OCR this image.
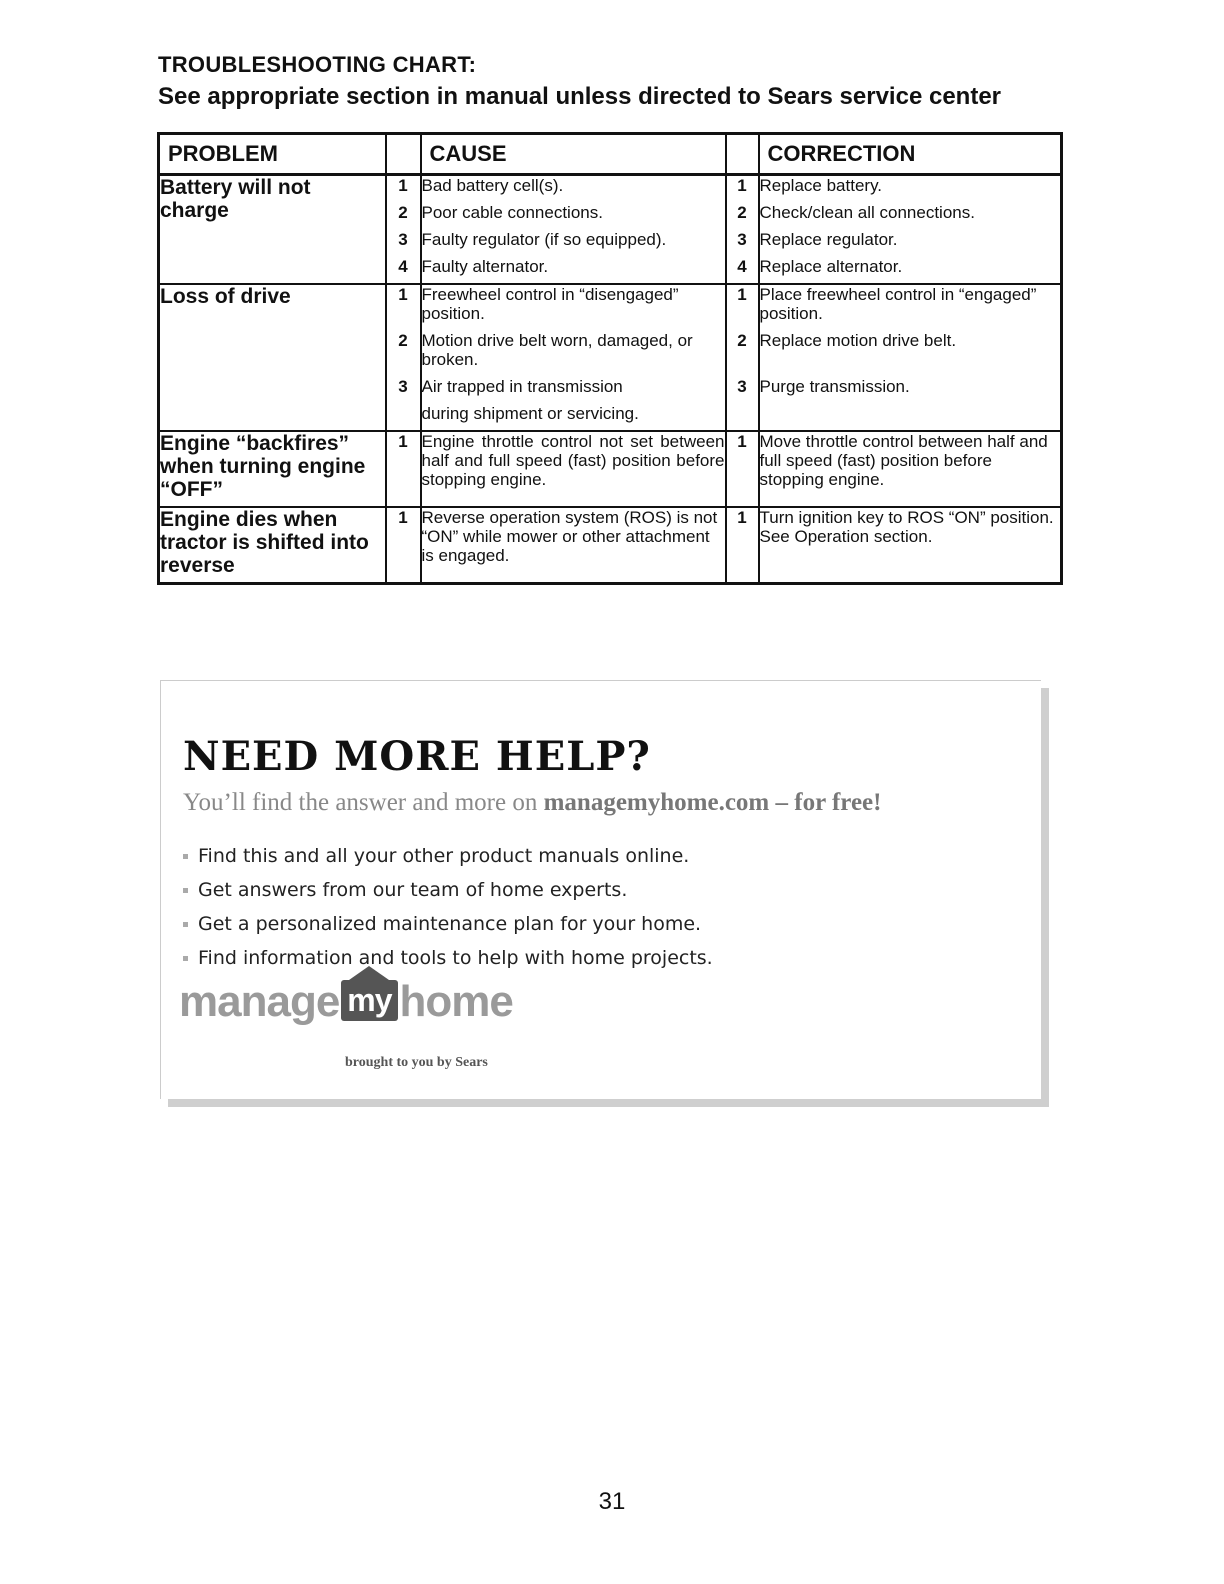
TROUBLESHOOTING CHART:
See appropriate section in manual unless directed to Sears service center
PROBLEM		CAUSE		CORRECTION
Battery will not charge	1	Bad battery cell(s).	1	Replace battery.
	2	Poor cable connections.	2	Check/clean all connections.
	3	Faulty regulator (if so equipped).	3	Replace regulator.
	4	Faulty alternator.	4	Replace alternator.
Loss of drive	1	Freewheel control in “disengaged” position.	1	Place freewheel control in “engaged” position.
	2	Motion drive belt worn, damaged, or broken.	2	Replace motion drive belt.
	3	Air trapped in transmission	3	Purge transmission.
		during shipment or servicing.		
Engine “backfires” when turning engine “OFF”	1	Engine throttle control not set between half and full speed (fast) position before stopping engine.	1	Move throttle control between half and full speed (fast) position before stopping engine.
Engine dies when tractor is shifted into reverse	1	Reverse operation system (ROS) is not “ON” while mower or other attachment is engaged.	1	Turn ignition key to ROS “ON” position. See Operation section.
NEED MORE HELP?
You’ll find the answer and more on managemyhome.com – for free!
Find this and all your other product manuals online.
Get answers from our team of home experts.
Get a personalized maintenance plan for your home.
Find information and tools to help with home projects.
manage my home
brought to you by Sears
31
